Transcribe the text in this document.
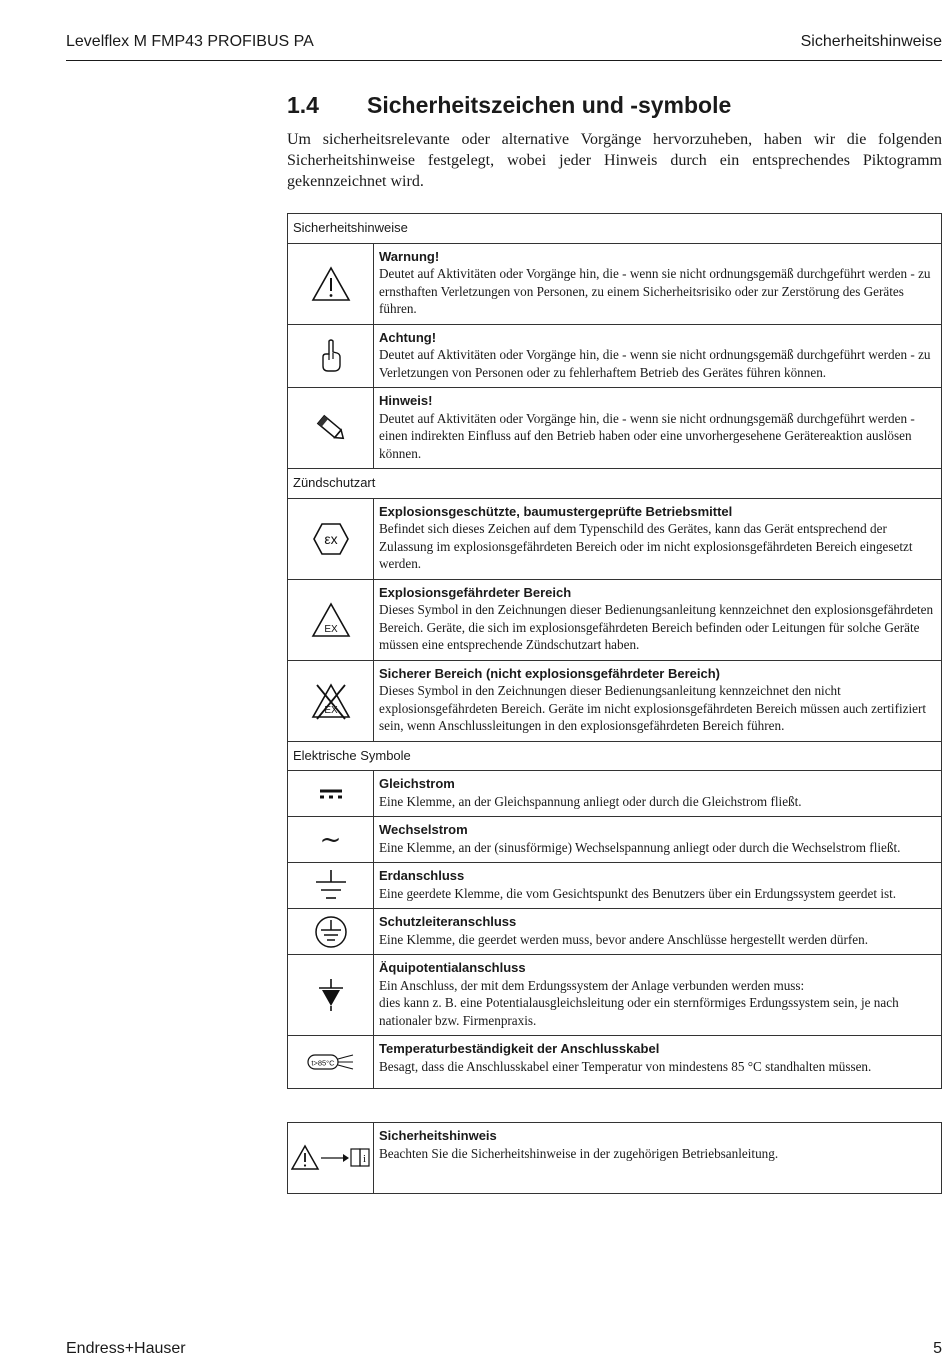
Levelflex M FMP43 PROFIBUS PA	Sicherheitshinweise
1.4	Sicherheitszeichen und -symbole

Um sicherheitsrelevante oder alternative Vorgänge hervorzuheben, haben wir die folgenden Sicherheitshinweise festgelegt, wobei jeder Hinweis durch ein entsprechendes Piktogramm gekennzeichnet wird.

Sicherheitshinweise	

Warnung!
Deutet auf Aktivitäten oder Vorgänge hin, die - wenn sie nicht ordnungsgemäß durchgeführt werden - zu ernsthaften Verletzungen von Personen, zu einem Sicherheitsrisiko oder zur Zerstörung des Gerätes führen.

Achtung!
Deutet auf Aktivitäten oder Vorgänge hin, die - wenn sie nicht ordnungsgemäß durchgeführt werden - zu Verletzungen von Personen oder zu fehlerhaftem Betrieb des Gerätes führen können.

Hinweis!
Deutet auf Aktivitäten oder Vorgänge hin, die - wenn sie nicht ordnungsgemäß durchgeführt werden - einen indirekten Einfluss auf den Betrieb haben oder eine unvorhergesehene Gerätereaktion auslösen können.

Zündschutzart	

εx	Explosionsgeschützte, baumustergeprüfte Betriebsmittel
Befindet sich dieses Zeichen auf dem Typenschild des Gerätes, kann das Gerät entsprechend der Zulassung im explosionsgefährdeten Bereich oder im nicht explosionsgefährdeten Bereich eingesetzt werden.

EX	Explosionsgefährdeter Bereich
Dieses Symbol in den Zeichnungen dieser Bedienungsanleitung kennzeichnet den explosionsgefährdeten Bereich. Geräte, die sich im explosionsgefährdeten Bereich befinden oder Leitungen für solche Geräte müssen eine entsprechende Zündschutzart haben.

EX	Sicherer Bereich (nicht explosionsgefährdeter Bereich)
Dieses Symbol in den Zeichnungen dieser Bedienungsanleitung kennzeichnet den nicht explosionsgefährdeten Bereich. Geräte im nicht explosionsgefährdeten Bereich müssen auch zertifiziert sein, wenn Anschlussleitungen in den explosionsgefährdeten Bereich führen.

Elektrische Symbole	

Gleichstrom
Eine Klemme, an der Gleichspannung anliegt oder durch die Gleichstrom fließt.

~	Wechselstrom
Eine Klemme, an der (sinusförmige) Wechselspannung anliegt oder durch die Wechselstrom fließt.

Erdanschluss
Eine geerdete Klemme, die vom Gesichtspunkt des Benutzers über ein Erdungssystem geerdet ist.

Schutzleiteranschluss
Eine Klemme, die geerdet werden muss, bevor andere Anschlüsse hergestellt werden dürfen.

Äquipotentialanschluss
Ein Anschluss, der mit dem Erdungssystem der Anlage verbunden werden muss:
dies kann z. B. eine Potentialausgleichsleitung oder ein sternförmiges Erdungssystem sein, je nach nationaler bzw. Firmenpraxis.

t>85°C	Temperaturbeständigkeit der Anschlusskabel
Besagt, dass die Anschlusskabel einer Temperatur von mindestens 85 °C standhalten müssen.
i

Sicherheitshinweis
Beachten Sie die Sicherheitshinweise in der zugehörigen Betriebsanleitung.
Endress+Hauser	5
